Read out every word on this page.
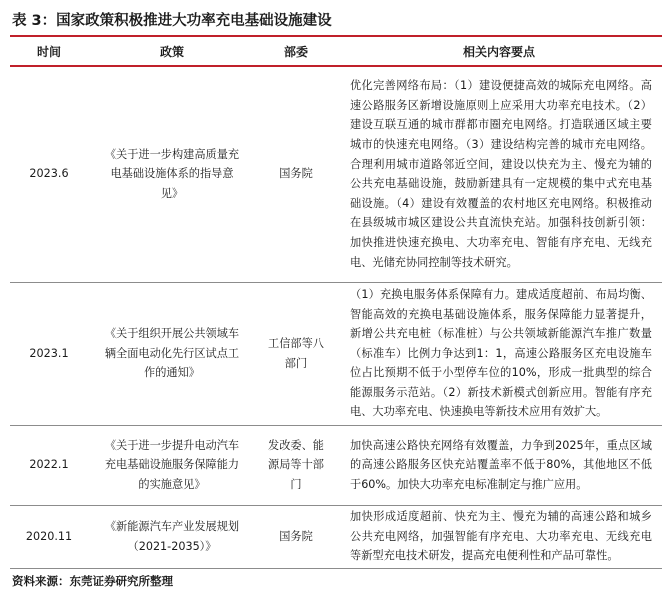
表 3：国家政策积极推进大功率充电基础设施建设
时间	政策	部委	相关内容要点
2023.6	《关于进一步构建高质量充电基础设施体系的指导意见》	国务院	优化完善网络布局：（1）建设便捷高效的城际充电网络。高速公路服务区新增设施原则上应采用大功率充电技术。（2）建设互联互通的城市群都市圈充电网络。打造联通区域主要城市的快速充电网络。（3）建设结构完善的城市充电网络。合理利用城市道路邻近空间，建设以快充为主、慢充为辅的公共充电基础设施，鼓励新建具有一定规模的集中式充电基础设施。（4）建设有效覆盖的农村地区充电网络。积极推动在县级城市城区建设公共直流快充站。加强科技创新引领：加快推进快速充换电、大功率充电、智能有序充电、无线充电、光储充协同控制等技术研究。
2023.1	《关于组织开展公共领域车辆全面电动化先行区试点工作的通知》	工信部等八部门	（1）充换电服务体系保障有力。建成适度超前、布局均衡、智能高效的充换电基础设施体系，服务保障能力显著提升，新增公共充电桩（标准桩）与公共领域新能源汽车推广数量（标准车）比例力争达到1：1，高速公路服务区充电设施车位占比预期不低于小型停车位的10%，形成一批典型的综合能源服务示范站。（2）新技术新模式创新应用。智能有序充电、大功率充电、快速换电等新技术应用有效扩大。
2022.1	《关于进一步提升电动汽车充电基础设施服务保障能力的实施意见》	发改委、能源局等十部门	加快高速公路快充网络有效覆盖，力争到2025年，重点区域的高速公路服务区快充站覆盖率不低于80%，其他地区不低于60%。加快大功率充电标准制定与推广应用。
2020.11	《新能源汽车产业发展规划（2021-2035）》	国务院	加快形成适度超前、快充为主、慢充为辅的高速公路和城乡公共充电网络，加强智能有序充电、大功率充电、无线充电等新型充电技术研发，提高充电便利性和产品可靠性。
资料来源：东莞证券研究所整理
